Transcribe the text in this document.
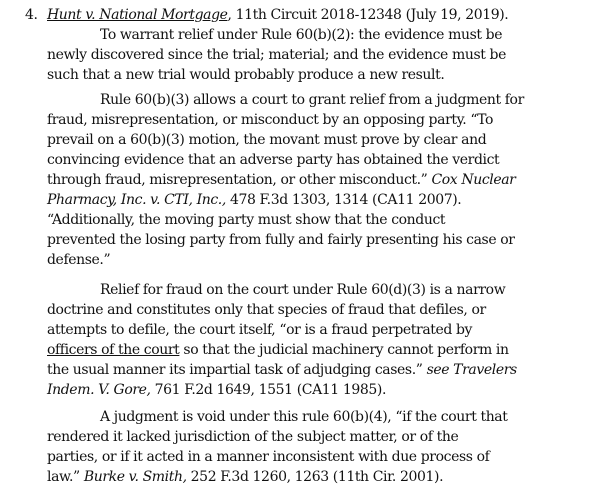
4. Hunt v. National Mortgage, 11th Circuit 2018-12348 (July 19, 2019).
To warrant relief under Rule 60(b)(2): the evidence must be
newly discovered since the trial; material; and the evidence must be
such that a new trial would probably produce a new result.
Rule 60(b)(3) allows a court to grant relief from a judgment for
fraud, misrepresentation, or misconduct by an opposing party. “To
prevail on a 60(b)(3) motion, the movant must prove by clear and
convincing evidence that an adverse party has obtained the verdict
through fraud, misrepresentation, or other misconduct.” Cox Nuclear
Pharmacy, Inc. v. CTI, Inc., 478 F.3d 1303, 1314 (CA11 2007).
“Additionally, the moving party must show that the conduct
prevented the losing party from fully and fairly presenting his case or
defense.”
Relief for fraud on the court under Rule 60(d)(3) is a narrow
doctrine and constitutes only that species of fraud that defiles, or
attempts to defile, the court itself, “or is a fraud perpetrated by
officers of the court so that the judicial machinery cannot perform in
the usual manner its impartial task of adjudging cases.” see Travelers
Indem. V. Gore, 761 F.2d 1649, 1551 (CA11 1985).
A judgment is void under this rule 60(b)(4), “if the court that
rendered it lacked jurisdiction of the subject matter, or of the
parties, or if it acted in a manner inconsistent with due process of
law.” Burke v. Smith, 252 F.3d 1260, 1263 (11th Cir. 2001).
